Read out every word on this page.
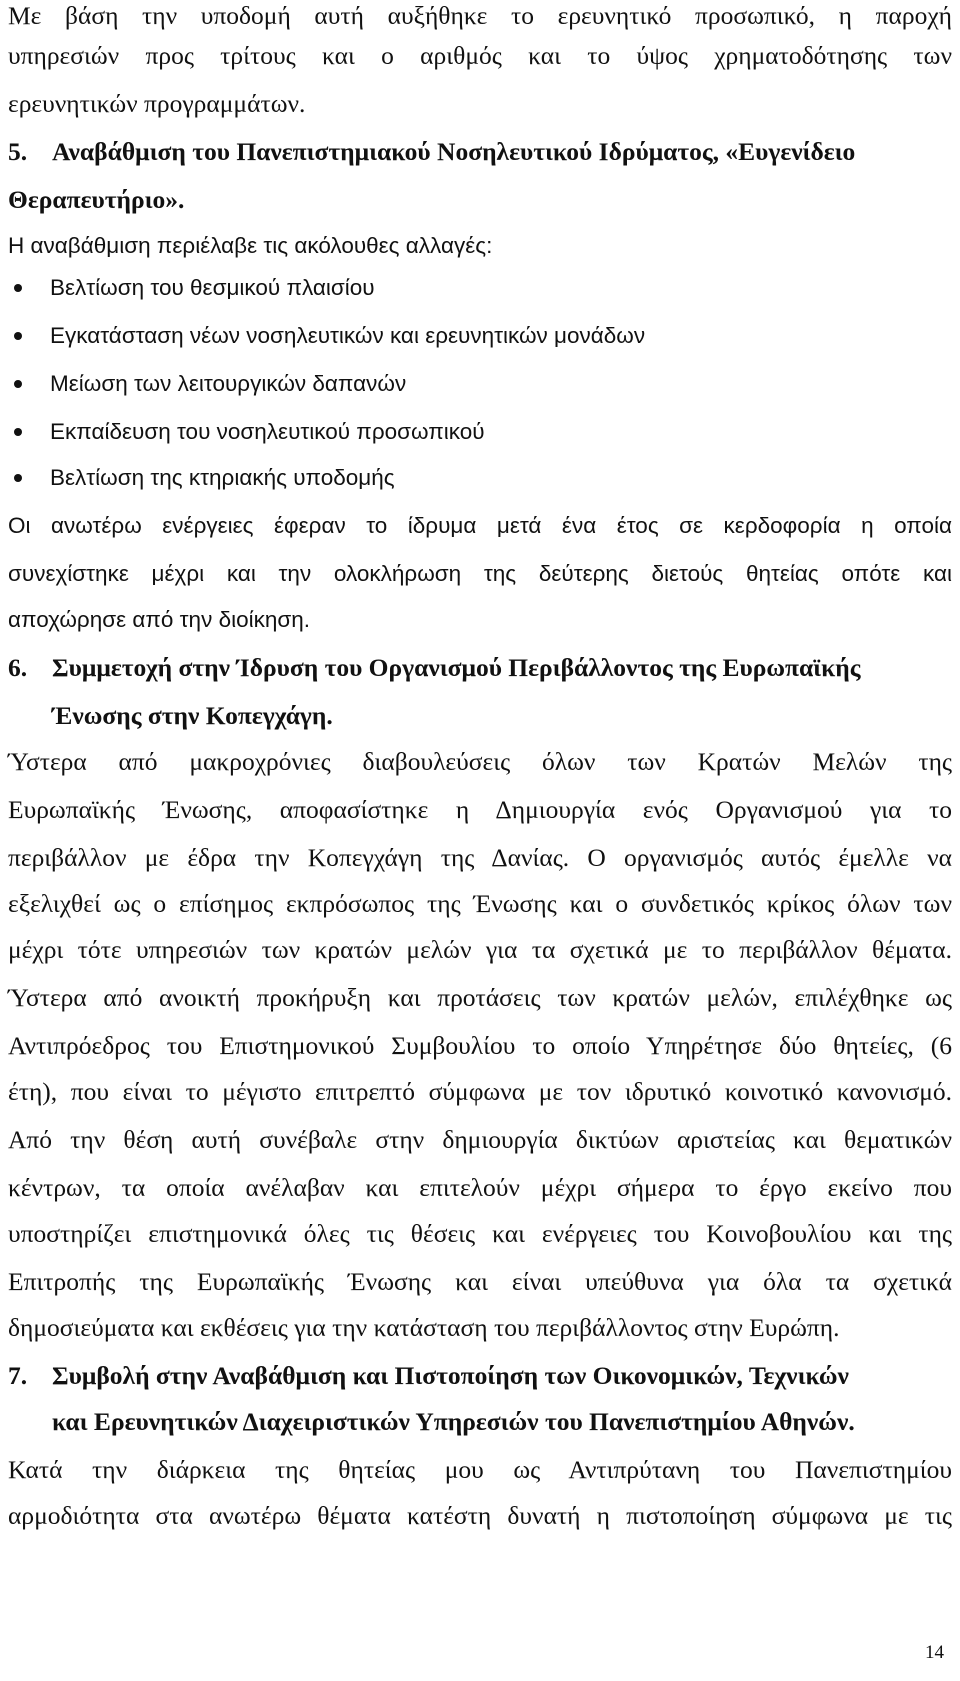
Με βάση την υποδομή αυτή αυξήθηκε το ερευνητικό προσωπικό, η παροχή
υπηρεσιών προς τρίτους και ο αριθμός και το ύψος χρηματοδότησης των
ερευνητικών προγραμμάτων.
5. Αναβάθμιση του Πανεπιστημιακού Νοσηλευτικού Ιδρύματος, «Ευγενίδειο
Θεραπευτήριο».
Η αναβάθμιση περιέλαβε τις ακόλουθες αλλαγές:
Βελτίωση του θεσμικού πλαισίου
Εγκατάσταση νέων νοσηλευτικών και ερευνητικών μονάδων
Μείωση των λειτουργικών δαπανών
Εκπαίδευση του νοσηλευτικού προσωπικού
Βελτίωση της κτηριακής υποδομής
Οι ανωτέρω ενέργειες έφεραν το ίδρυμα μετά ένα έτος σε κερδοφορία η οποία
συνεχίστηκε μέχρι και την ολοκλήρωση της δεύτερης διετούς θητείας οπότε και
αποχώρησε από την διοίκηση.
6. Συμμετοχή στην Ίδρυση του Οργανισμού Περιβάλλοντος της Ευρωπαϊκής
Ένωσης στην Κοπεγχάγη.
Ύστερα από μακροχρόνιες διαβουλεύσεις όλων των Κρατών Μελών της
Ευρωπαϊκής Ένωσης, αποφασίστηκε η Δημιουργία ενός Οργανισμού για το
περιβάλλον με έδρα την Κοπεγχάγη της Δανίας. Ο οργανισμός αυτός έμελλε να
εξελιχθεί ως ο επίσημος εκπρόσωπος της Ένωσης και ο συνδετικός κρίκος όλων των
μέχρι τότε υπηρεσιών των κρατών μελών για τα σχετικά με το περιβάλλον θέματα.
Ύστερα από ανοικτή προκήρυξη και προτάσεις των κρατών μελών, επιλέχθηκε ως
Αντιπρόεδρος του Επιστημονικού Συμβουλίου το οποίο Υπηρέτησε δύο θητείες, (6
έτη), που είναι το μέγιστο επιτρεπτό σύμφωνα με τον ιδρυτικό κοινοτικό κανονισμό.
Από την θέση αυτή συνέβαλε στην δημιουργία δικτύων αριστείας και θεματικών
κέντρων, τα οποία ανέλαβαν και επιτελούν μέχρι σήμερα το έργο εκείνο που
υποστηρίζει επιστημονικά όλες τις θέσεις και ενέργειες του Κοινοβουλίου και της
Επιτροπής της Ευρωπαϊκής Ένωσης και είναι υπεύθυνα για όλα τα σχετικά
δημοσιεύματα και εκθέσεις για την κατάσταση του περιβάλλοντος στην Ευρώπη.
7. Συμβολή στην Αναβάθμιση και Πιστοποίηση των Οικονομικών, Τεχνικών
και Ερευνητικών Διαχειριστικών Υπηρεσιών του Πανεπιστημίου Αθηνών.
Κατά την διάρκεια της θητείας μου ως Αντιπρύτανη του Πανεπιστημίου
αρμοδιότητα στα ανωτέρω θέματα κατέστη δυνατή η πιστοποίηση σύμφωνα με τις
14
